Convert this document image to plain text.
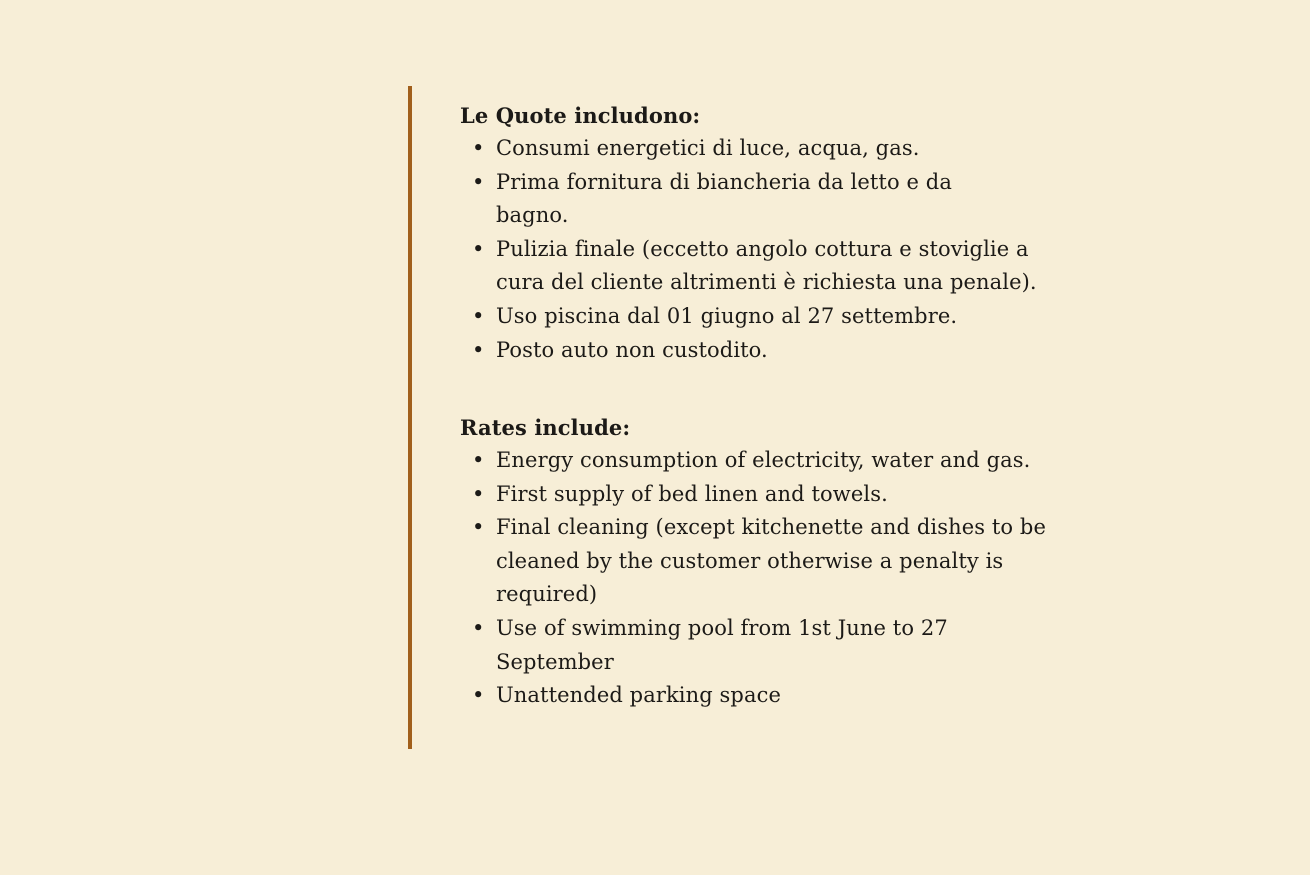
Le Quote includono:

• Consumi energetici di luce, acqua, gas.
• Prima fornitura di biancheria da letto e da bagno.
• Pulizia finale (eccetto angolo cottura e stoviglie a cura del cliente altrimenti è richiesta una penale).
• Uso piscina dal 01 giugno al 27 settembre.
• Posto auto non custodito.

Rates include:

• Energy consumption of electricity, water and gas.
• First supply of bed linen and towels.
• Final cleaning (except kitchenette and dishes to be cleaned by the customer otherwise a penalty is required)
• Use of swimming pool from 1st June to 27 September
• Unattended parking space
